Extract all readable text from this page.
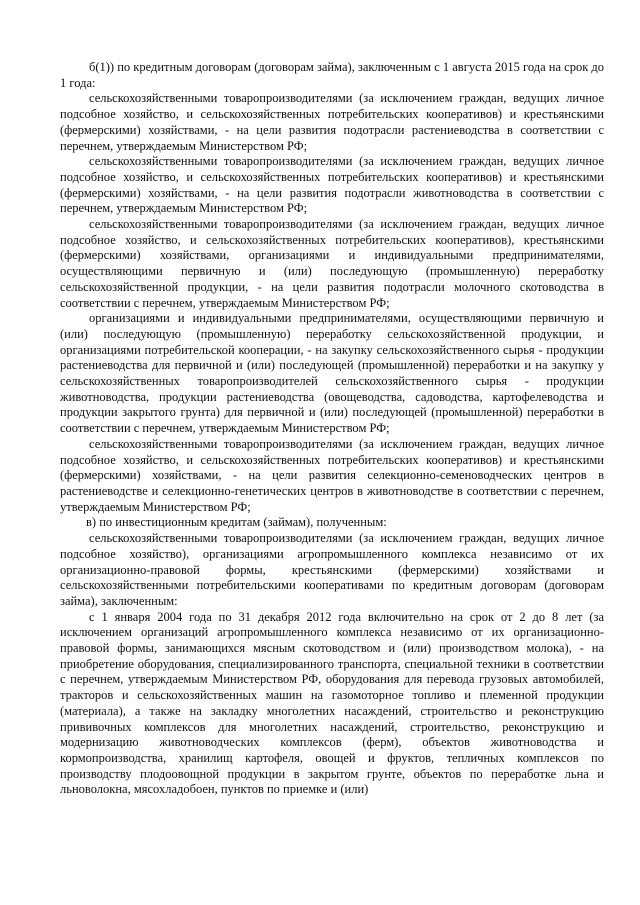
б(1)) по кредитным договорам (договорам займа), заключенным с 1 августа 2015 года на срок до 1 года:

сельскохозяйственными товаропроизводителями (за исключением граждан, ведущих личное подсобное хозяйство, и сельскохозяйственных потребительских кооперативов) и крестьянскими (фермерскими) хозяйствами, - на цели развития подотрасли растениеводства в соответствии с перечнем, утверждаемым Министерством РФ;

сельскохозяйственными товаропроизводителями (за исключением граждан, ведущих личное подсобное хозяйство, и сельскохозяйственных потребительских кооперативов) и крестьянскими (фермерскими) хозяйствами, - на цели развития подотрасли животноводства в соответствии с перечнем, утверждаемым Министерством РФ;

сельскохозяйственными товаропроизводителями (за исключением граждан, ведущих личное подсобное хозяйство, и сельскохозяйственных потребительских кооперативов), крестьянскими (фермерскими) хозяйствами, организациями и индивидуальными предпринимателями, осуществляющими первичную и (или) последующую (промышленную) переработку сельскохозяйственной продукции, - на цели развития подотрасли молочного скотоводства в соответствии с перечнем, утверждаемым Министерством РФ;

организациями и индивидуальными предпринимателями, осуществляющими первичную и (или) последующую (промышленную) переработку сельскохозяйственной продукции, и организациями потребительской кооперации, - на закупку сельскохозяйственного сырья - продукции растениеводства для первичной и (или) последующей (промышленной) переработки и на закупку у сельскохозяйственных товаропроизводителей сельскохозяйственного сырья - продукции животноводства, продукции растениеводства (овощеводства, садоводства, картофелеводства и продукции закрытого грунта) для первичной и (или) последующей (промышленной) переработки в соответствии с перечнем, утверждаемым Министерством РФ;

сельскохозяйственными товаропроизводителями (за исключением граждан, ведущих личное подсобное хозяйство, и сельскохозяйственных потребительских кооперативов) и крестьянскими (фермерскими) хозяйствами, - на цели развития селекционно-семеноводческих центров в растениеводстве и селекционно-генетических центров в животноводстве в соответствии с перечнем, утверждаемым Министерством РФ;

в) по инвестиционным кредитам (займам), полученным:

сельскохозяйственными товаропроизводителями (за исключением граждан, ведущих личное подсобное хозяйство), организациями агропромышленного комплекса независимо от их организационно-правовой формы, крестьянскими (фермерскими) хозяйствами и сельскохозяйственными потребительскими кооперативами по кредитным договорам (договорам займа), заключенным:

с 1 января 2004 года по 31 декабря 2012 года включительно на срок от 2 до 8 лет (за исключением организаций агропромышленного комплекса независимо от их организационно-правовой формы, занимающихся мясным скотоводством и (или) производством молока), - на приобретение оборудования, специализированного транспорта, специальной техники в соответствии с перечнем, утверждаемым Министерством РФ, оборудования для перевода грузовых автомобилей, тракторов и сельскохозяйственных машин на газомоторное топливо и племенной продукции (материала), а также на закладку многолетних насаждений, строительство и реконструкцию прививочных комплексов для многолетних насаждений, строительство, реконструкцию и модернизацию животноводческих комплексов (ферм), объектов животноводства и кормопроизводства, хранилищ картофеля, овощей и фруктов, тепличных комплексов по производству плодоовощной продукции в закрытом грунте, объектов по переработке льна и льноволокна, мясохладобоен, пунктов по приемке и (или)
